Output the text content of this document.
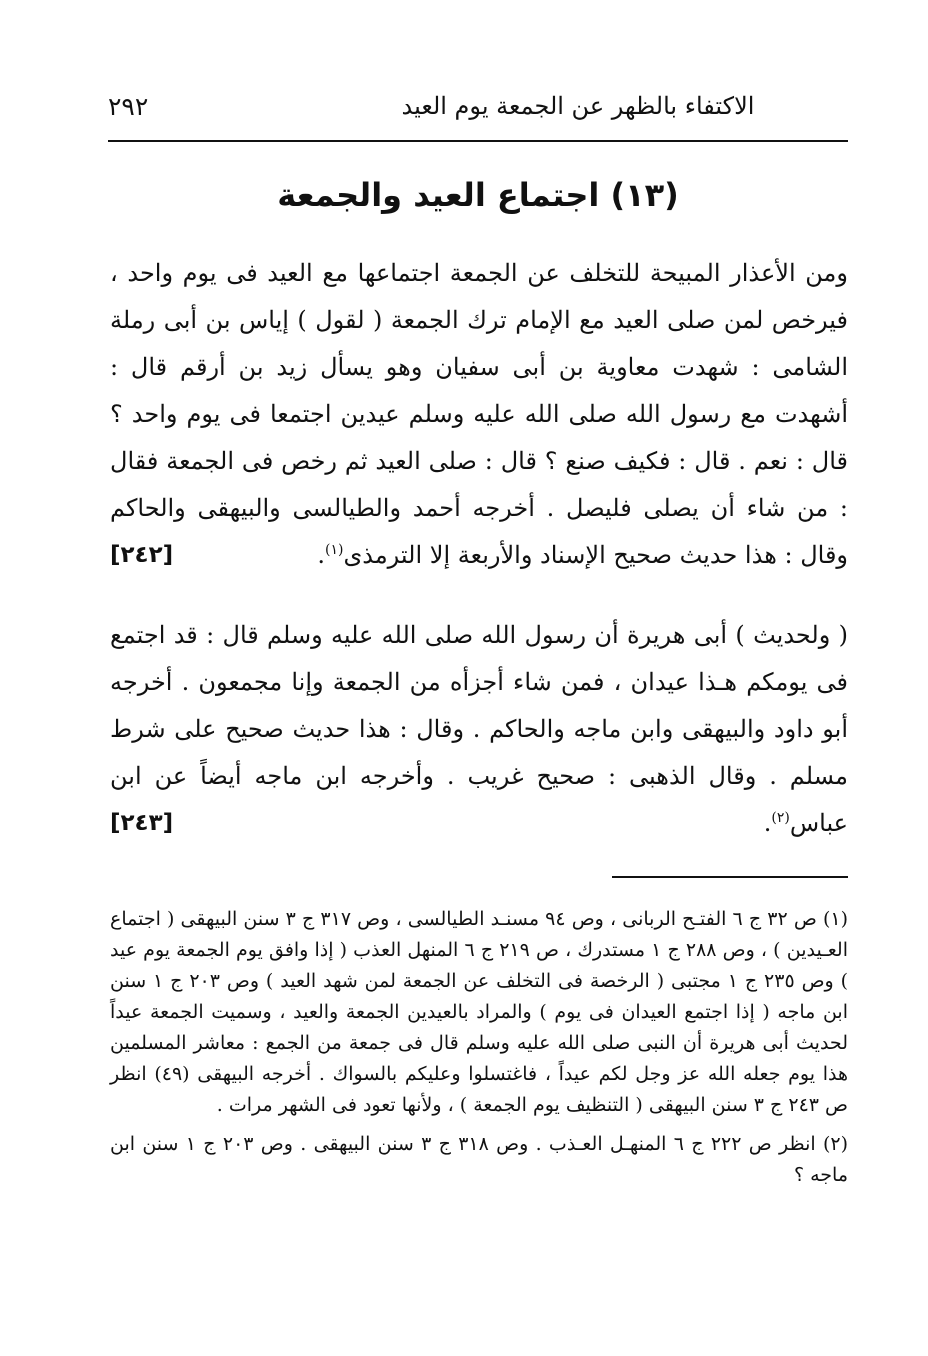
الاكتفاء بالظهر عن الجمعة يوم العيد
٢٩٢
(١٣) اجتماع العيد والجمعة
ومن الأعذار المبيحة للتخلف عن الجمعة اجتماعها مع العيد فى يوم واحد ، فيرخص لمن صلى العيد مع الإمام ترك الجمعة ( لقول ) إياس بن أبى رملة الشامى : شهدت معاوية بن أبى سفيان وهو يسأل زيد بن أرقم قال : أشهدت مع رسول الله صلى الله عليه وسلم عيدين اجتمعا فى يوم واحد ؟ قال : نعم . قال : فكيف صنع ؟ قال : صلى العيد ثم رخص فى الجمعة فقال : من شاء أن يصلى فليصل . أخرجه أحمد والطيالسى والبيهقى والحاكم وقال : هذا حديث صحيح الإسناد والأربعة إلا الترمذى$^{(١)}$.
[٢٤٢]
( ولحديث ) أبى هريرة أن رسول الله صلى الله عليه وسلم قال : قد اجتمع فى يومكم هـذا عيدان ، فمن شاء أجزأه من الجمعة وإنا مجمعون . أخرجه أبو داود والبيهقى وابن ماجه والحاكم . وقال : هذا حديث صحيح على شرط مسلم . وقال الذهبى : صحيح غريب . وأخرجه ابن ماجه أيضاً عن ابن عباس$^{(٢)}$.
[٢٤٣]

(١) ص ٣٢ ج ٦ الفتـح الربانى ، وص ٩٤ مسنـد الطيالسى ، وص ٣١٧ ج ٣ سنن البيهقى ( اجتماع العـيدين ) ، وص ٢٨٨ ج ١ مستدرك ، ص ٢١٩ ج ٦ المنهل العذب ( إذا وافق يوم الجمعة يوم عيد ) وص ٢٣٥ ج ١ مجتبى ( الرخصة فى التخلف عن الجمعة لمن شهد العيد ) وص ٢٠٣ ج ١ سنن ابن ماجه ( إذا اجتمع العيدان فى يوم ) والمراد بالعيدين الجمعة والعيد ، وسميت الجمعة عيداً لحديث أبى هريرة أن النبى صلى الله عليه وسلم قال فى جمعة من الجمع : معاشر المسلمين هذا يوم جعله الله عز وجل لكم عيداً ، فاغتسلوا وعليكم بالسواك . أخرجه البيهقى (٤٩) انظر ص ٢٤٣ ج ٣ سنن البيهقى ( التنظيف يوم الجمعة ) ، ولأنها تعود فى الشهر مرات .

(٢) انظر ص ٢٢٢ ج ٦ المنهـل العـذب . وص ٣١٨ ج ٣ سنن البيهقى . وص ٢٠٣ ج ١ سنن ابن ماجه ؟
